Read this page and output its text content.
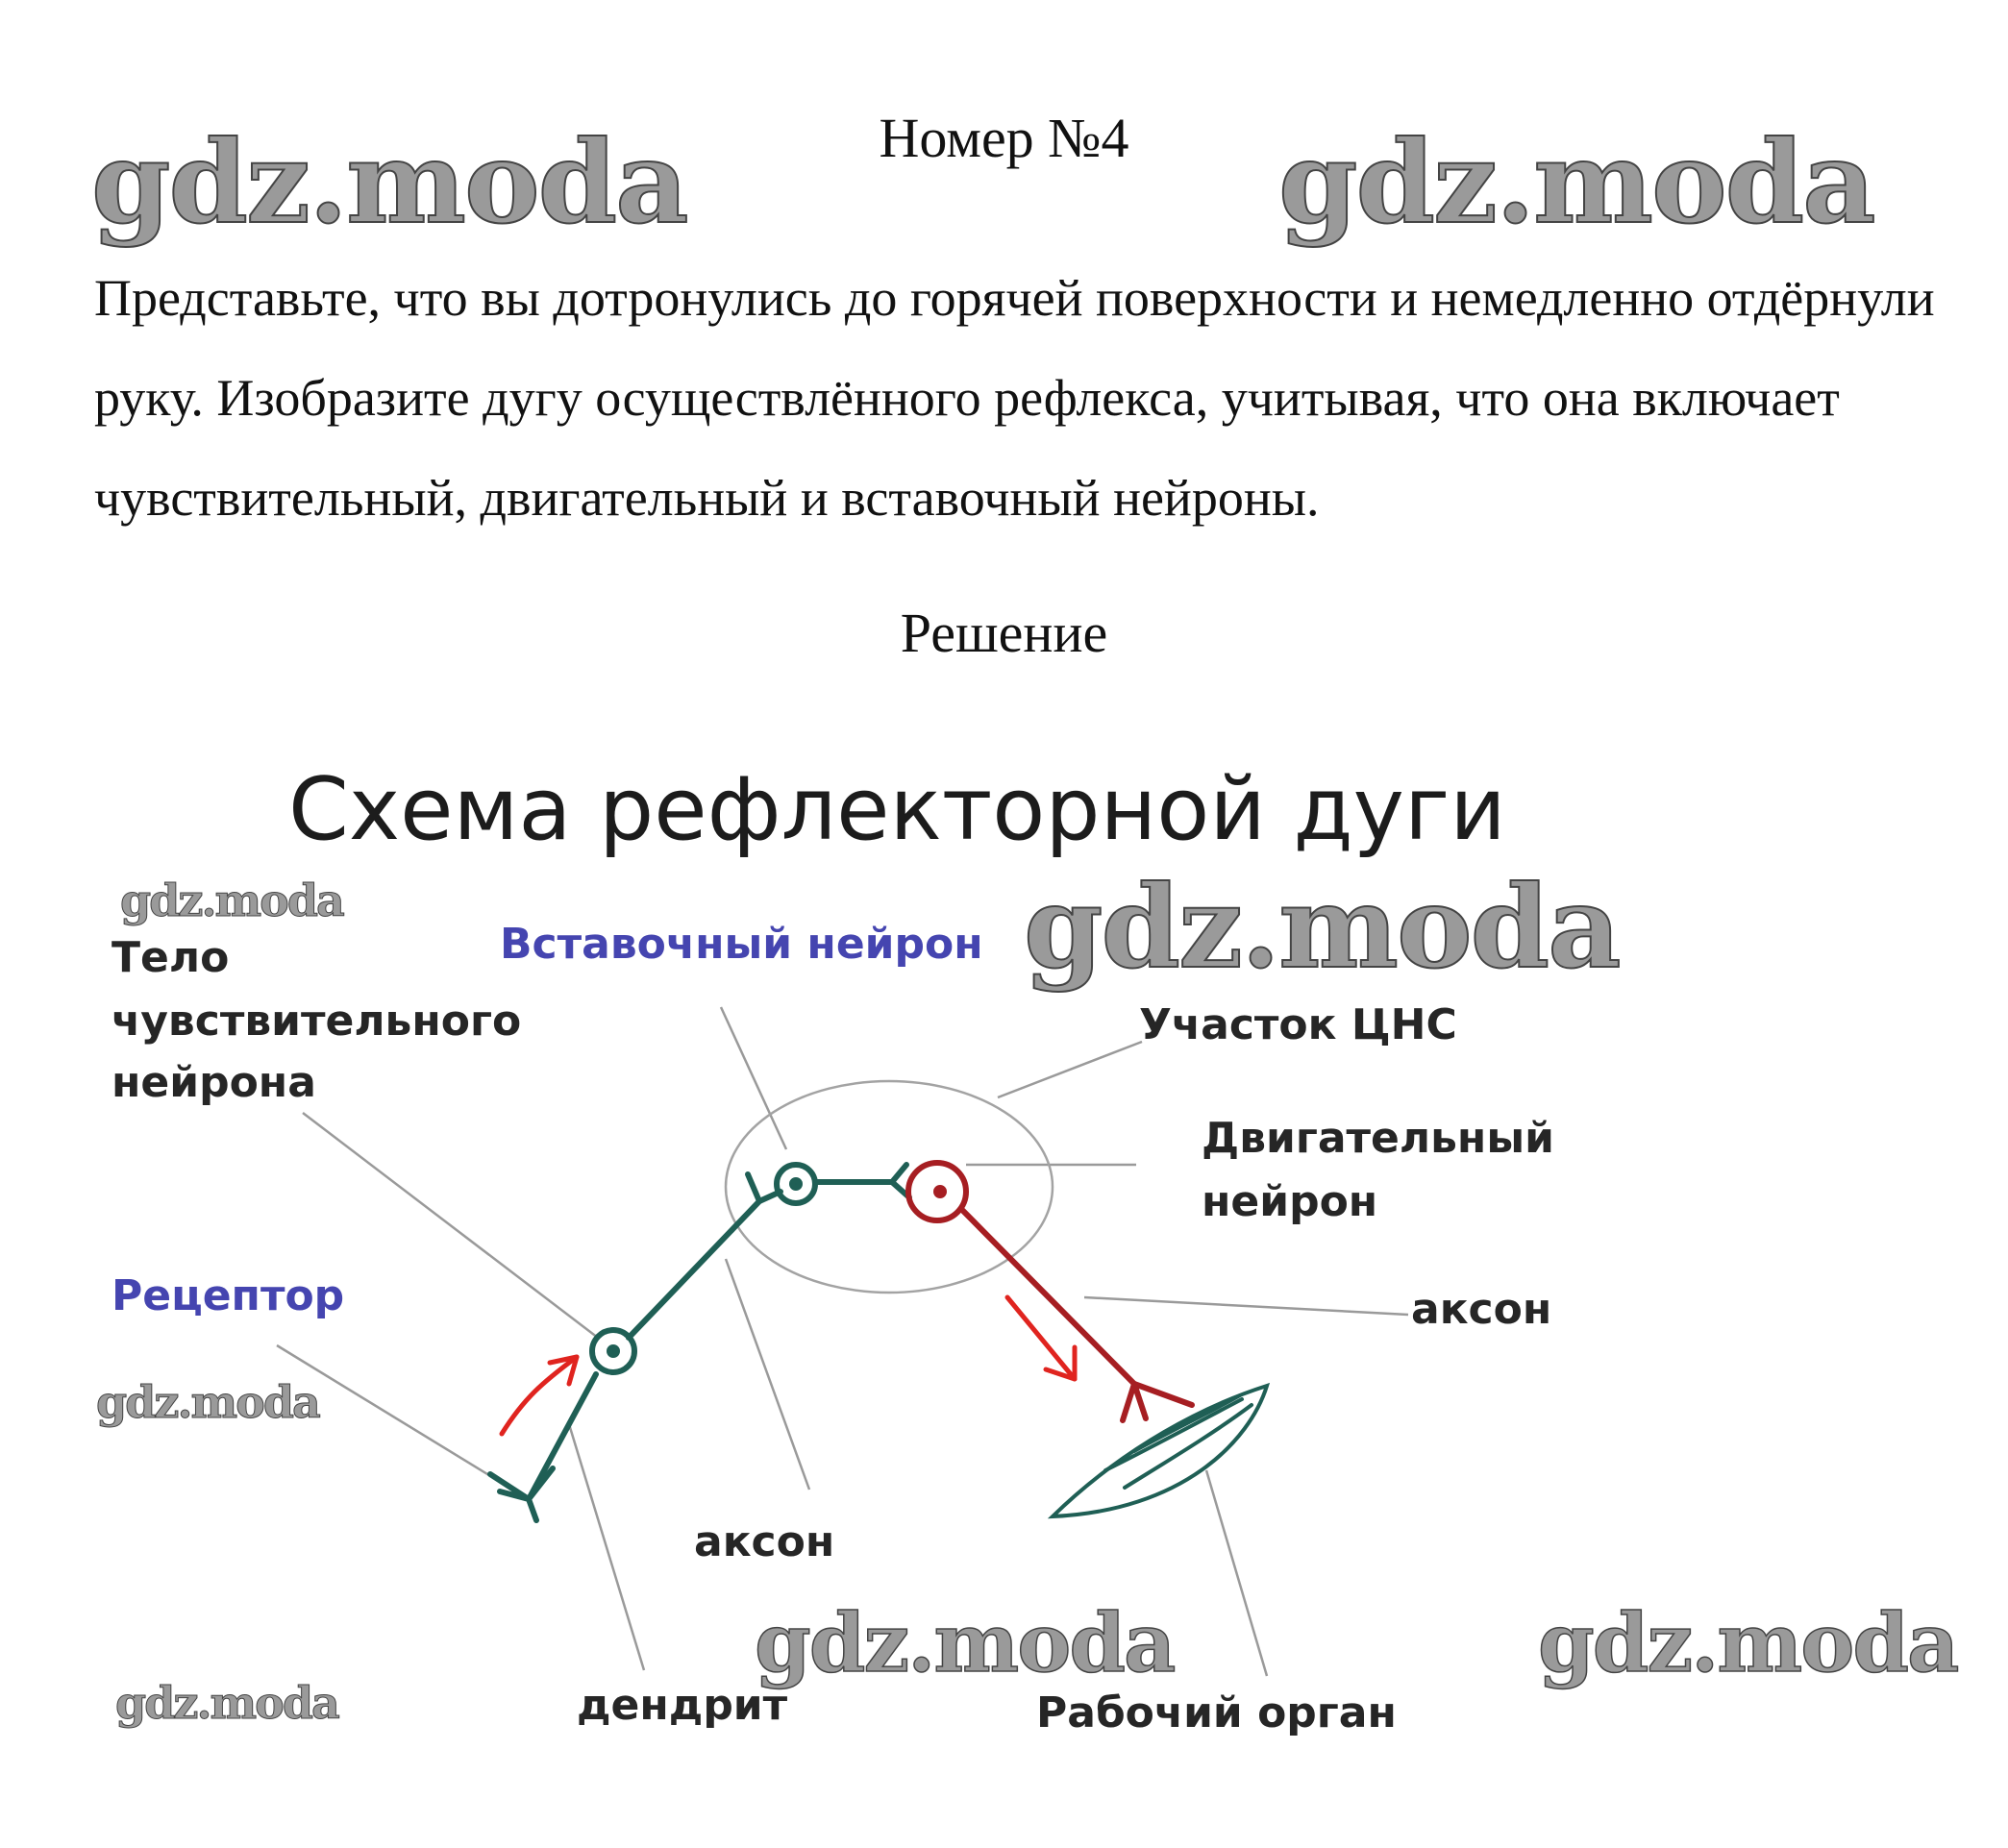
gdz.moda	gdz.moda
gdz.moda	gdz.moda
gdz.moda
gdz.moda	gdz.moda
gdz.moda
Номер №4
Представьте, что вы дотронулись до горячей поверхности и немедленно отдёрнули руку. Изобразите дугу осуществлённого рефлекса, учитывая, что она включает чувствительный, двигательный и вставочный нейроны.
Решение
Схема рефлекторной дуги
Вставочный нейрон
Тело
чувствительного
нейрона
Участок ЦНС
Двигательный
нейрон
аксон
Рецептор
аксон
дендрит	Рабочий орган
